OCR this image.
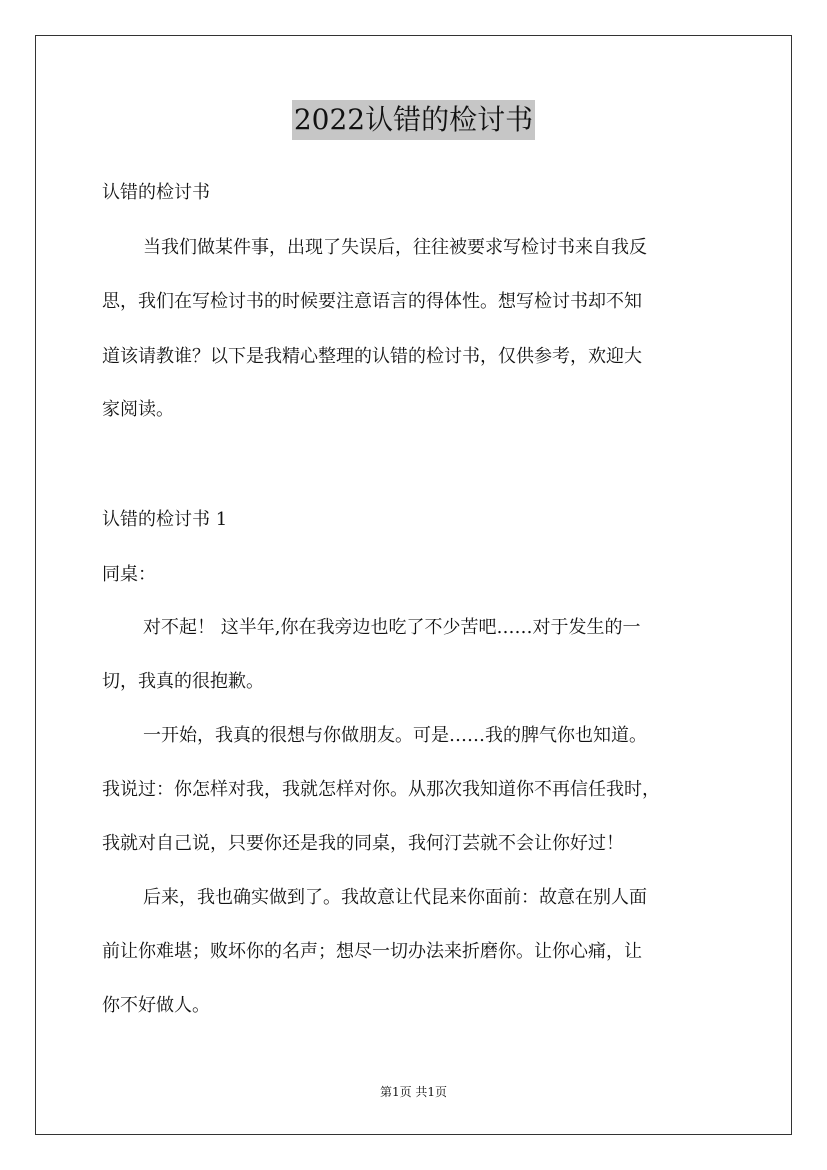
2022认错的检讨书
认错的检讨书
当我们做某件事，出现了失误后，往往被要求写检讨书来自我反
思，我们在写检讨书的时候要注意语言的得体性。想写检讨书却不知
道该请教谁？以下是我精心整理的认错的检讨书，仅供参考，欢迎大
家阅读。
认错的检讨书 1
同桌：
对不起！ 这半年,你在我旁边也吃了不少苦吧……对于发生的一
切，我真的很抱歉。
一开始，我真的很想与你做朋友。可是……我的脾气你也知道。
我说过：你怎样对我，我就怎样对你。从那次我知道你不再信任我时，
我就对自己说，只要你还是我的同桌，我何汀芸就不会让你好过！
后来，我也确实做到了。我故意让代昆来你面前：故意在别人面
前让你难堪；败坏你的名声；想尽一切办法来折磨你。让你心痛，让
你不好做人。
第1页 共1页
